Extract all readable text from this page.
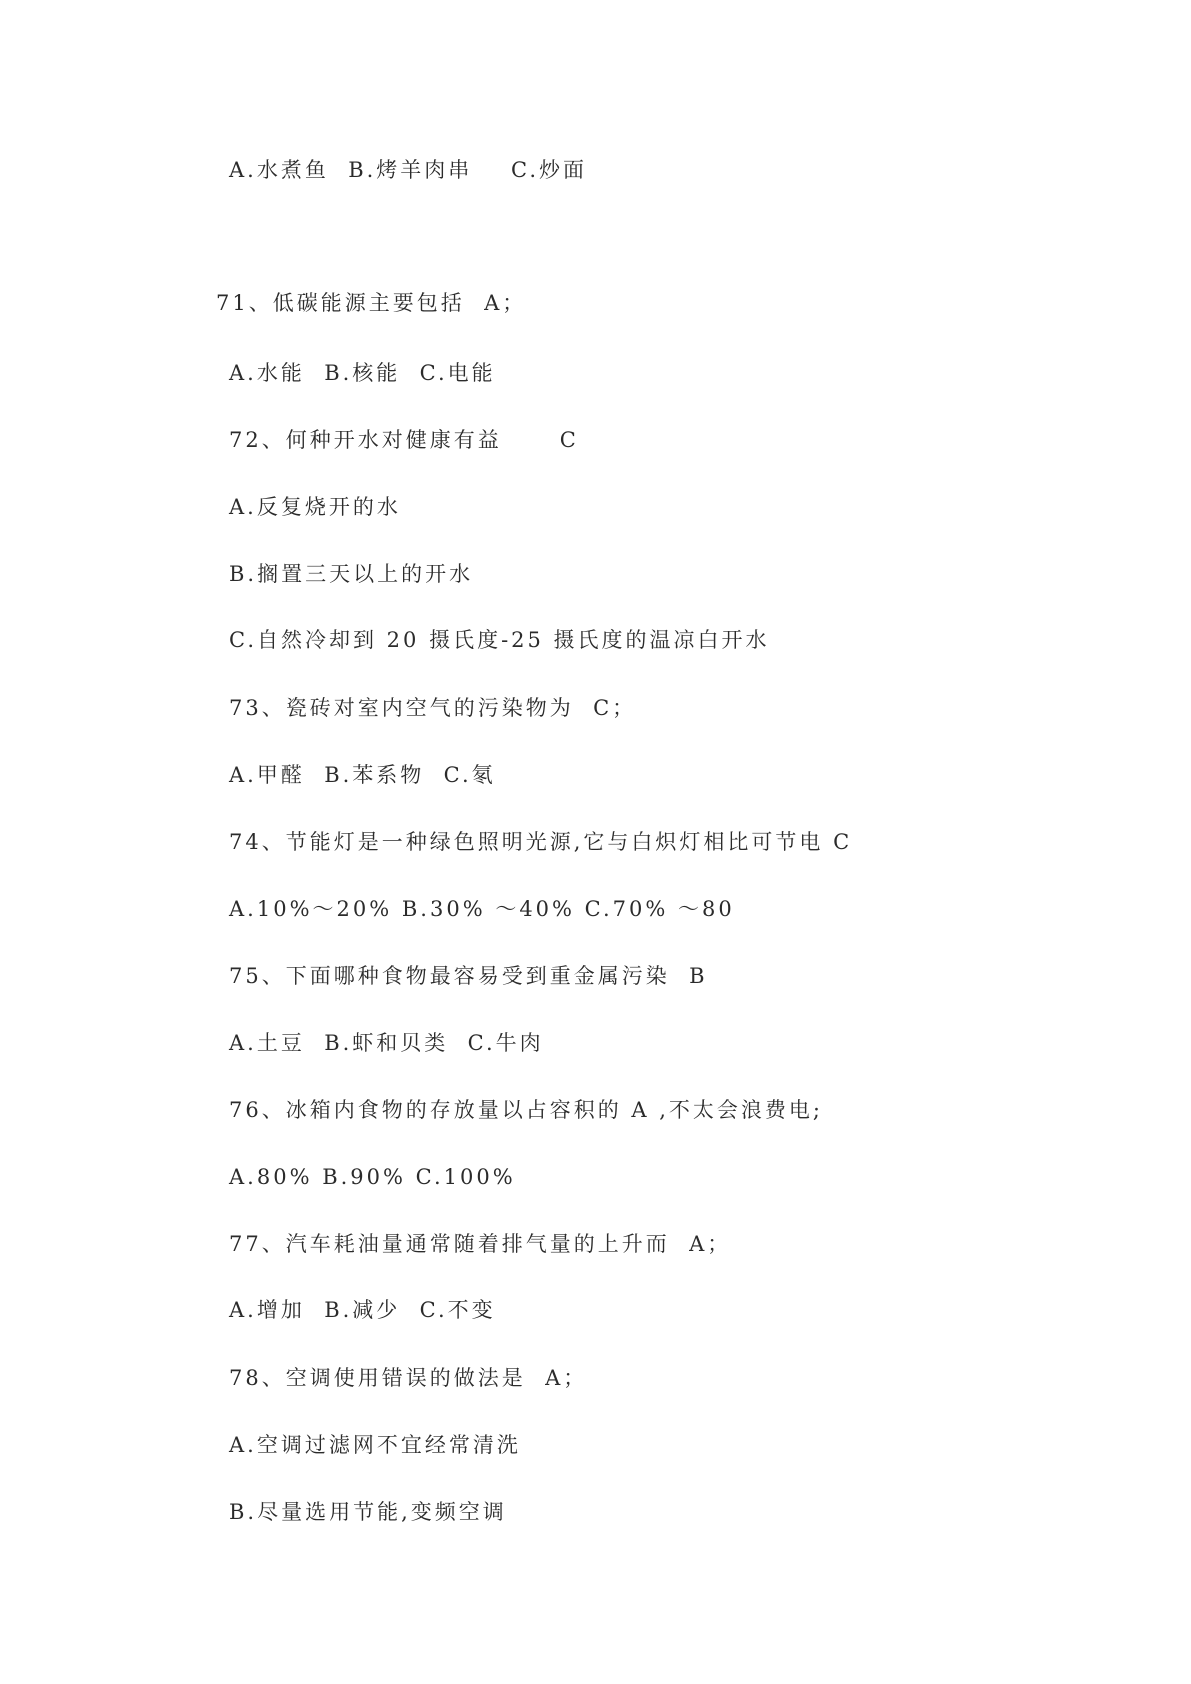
A.水煮鱼  B.烤羊肉串    C.炒面
71、低碳能源主要包括  A；
A.水能  B.核能  C.电能
72、何种开水对健康有益      C
A.反复烧开的水
B.搁置三天以上的开水
C.自然冷却到 20 摄氏度-25 摄氏度的温凉白开水
73、瓷砖对室内空气的污染物为  C；
A.甲醛  B.苯系物  C.氡
74、节能灯是一种绿色照明光源,它与白炽灯相比可节电 C
A.10%～20% B.30% ～40% C.70% ～80
75、下面哪种食物最容易受到重金属污染  B
A.土豆  B.虾和贝类  C.牛肉
76、冰箱内食物的存放量以占容积的 A ,不太会浪费电;
A.80% B.90% C.100%
77、汽车耗油量通常随着排气量的上升而  A；
A.增加  B.减少  C.不变
78、空调使用错误的做法是  A；
A.空调过滤网不宜经常清洗
B.尽量选用节能,变频空调
